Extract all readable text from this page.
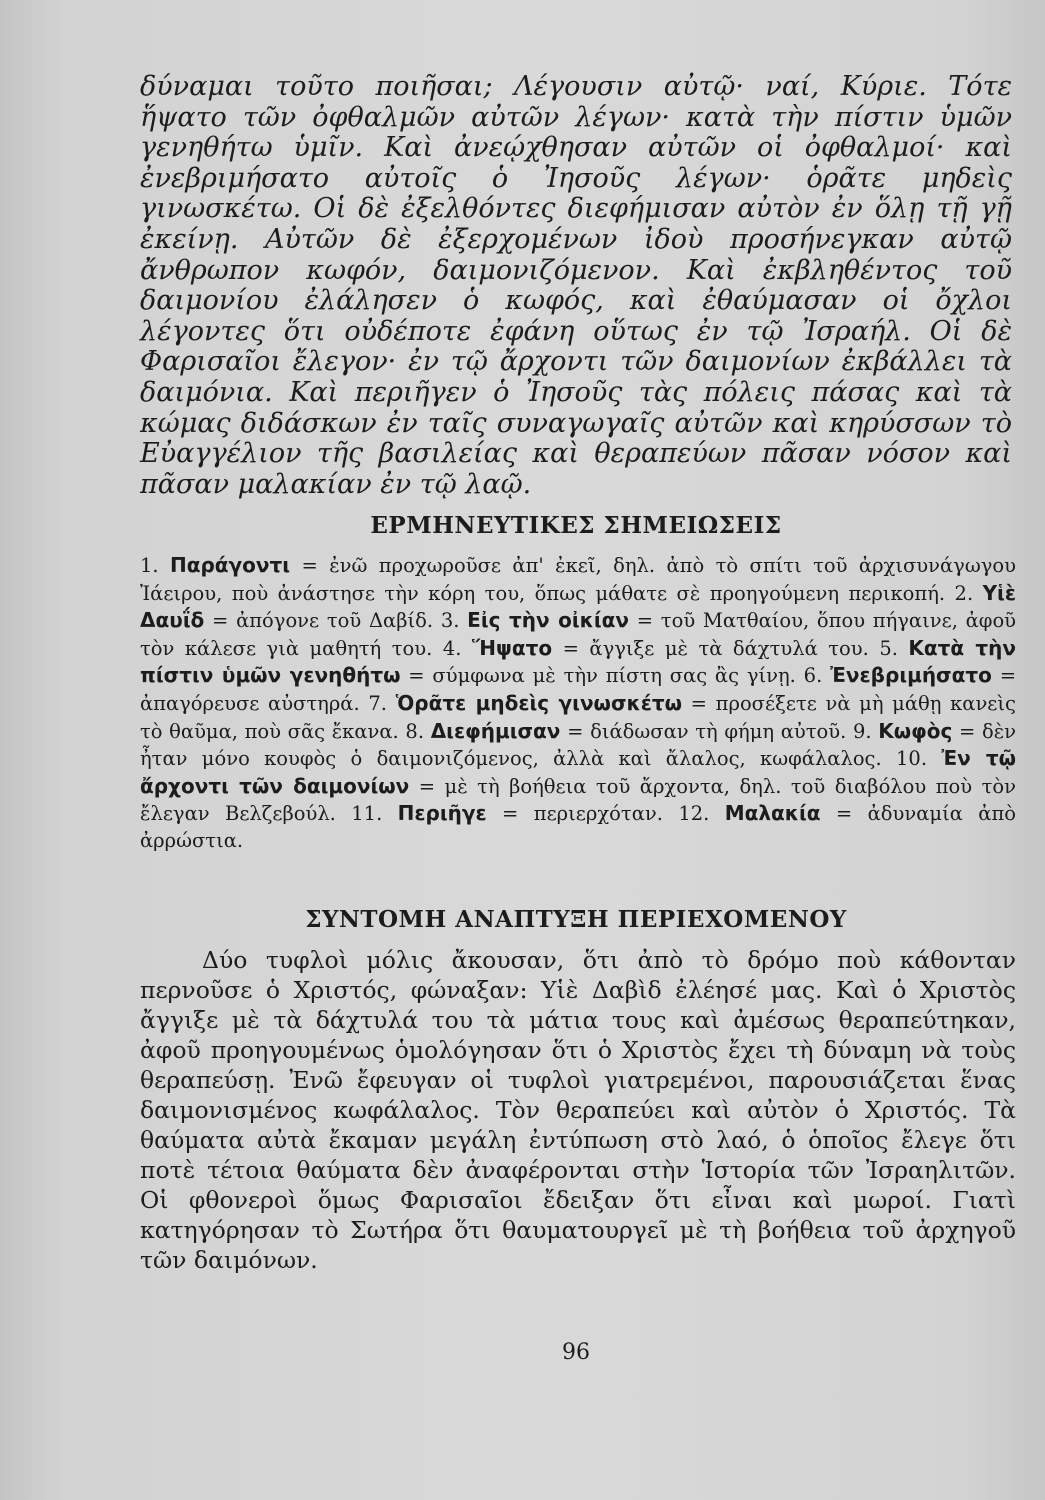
δύναμαι τοῦτο ποιῆσαι; Λέγουσιν αὐτῷ· ναί, Κύριε. Τότε ἥψατο τῶν ὀφθαλμῶν αὐτῶν λέγων· κατὰ τὴν πίστιν ὑμῶν γενηθήτω ὑμῖν. Καὶ ἀνεῴχθησαν αὐτῶν οἱ ὀφθαλμοί· καὶ ἐνεβριμήσατο αὐτοῖς ὁ Ἰησοῦς λέγων· ὁρᾶτε μηδεὶς γινωσκέτω. Οἱ δὲ ἐξελθόντες διεφήμισαν αὐτὸν ἐν ὅλῃ τῇ γῇ ἐκείνῃ. Αὐτῶν δὲ ἐξερχομένων ἰδοὺ προσήνεγκαν αὐτῷ ἄνθρωπον κωφόν, δαιμονιζόμενον. Καὶ ἐκβληθέντος τοῦ δαιμονίου ἐλάλησεν ὁ κωφός, καὶ ἐθαύμασαν οἱ ὄχλοι λέγοντες ὅτι οὐδέποτε ἐφάνη οὕτως ἐν τῷ Ἰσραήλ. Οἱ δὲ Φαρισαῖοι ἔλεγον· ἐν τῷ ἄρχοντι τῶν δαιμονίων ἐκβάλλει τὰ δαιμόνια. Καὶ περιῆγεν ὁ Ἰησοῦς τὰς πόλεις πάσας καὶ τὰ κώμας διδάσκων ἐν ταῖς συναγωγαῖς αὐτῶν καὶ κηρύσσων τὸ Εὐαγγέλιον τῆς βασιλείας καὶ θεραπεύων πᾶσαν νόσον καὶ πᾶσαν μαλακίαν ἐν τῷ λαῷ.

ΕΡΜΗΝΕΥΤΙΚΕΣ ΣΗΜΕΙΩΣΕΙΣ

1. Παράγοντι = ἐνῶ προχωροῦσε ἀπ' ἐκεῖ, δηλ. ἀπὸ τὸ σπίτι τοῦ ἀρχισυνάγωγου Ἰάειρου, ποὺ ἀνάστησε τὴν κόρη του, ὅπως μάθατε σὲ προηγούμενη περικοπή. 2. Υἱὲ Δαυΐδ = ἀπόγονε τοῦ Δαβίδ. 3. Εἰς τὴν οἰκίαν = τοῦ Ματθαίου, ὅπου πήγαινε, ἀφοῦ τὸν κάλεσε γιὰ μαθητή του. 4. Ἥψατο = ἄγγιξε μὲ τὰ δάχτυλά του. 5. Κατὰ τὴν πίστιν ὑμῶν γενηθήτω = σύμφωνα μὲ τὴν πίστη σας ἂς γίνῃ. 6. Ἐνεβριμήσατο = ἀπαγόρευσε αὐστηρά. 7. Ὁρᾶτε μηδεὶς γινωσκέτω = προσέξετε νὰ μὴ μάθῃ κανεὶς τὸ θαῦμα, ποὺ σᾶς ἔκανα. 8. Διεφήμισαν = διάδωσαν τὴ φήμη αὐτοῦ. 9. Κωφὸς = δὲν ἦταν μόνο κουφὸς ὁ δαιμονιζόμενος, ἀλλὰ καὶ ἄλαλος, κωφάλαλος. 10. Ἐν τῷ ἄρχοντι τῶν δαιμονίων = μὲ τὴ βοήθεια τοῦ ἄρχοντα, δηλ. τοῦ διαβόλου ποὺ τὸν ἔλεγαν Βελζεβούλ. 11. Περιῆγε = περιερχόταν. 12. Μαλακία = ἀδυναμία ἀπὸ ἀρρώστια.

ΣΥΝΤΟΜΗ ΑΝΑΠΤΥΞΗ ΠΕΡΙΕΧΟΜΕΝΟΥ

Δύο τυφλοὶ μόλις ἄκουσαν, ὅτι ἀπὸ τὸ δρόμο ποὺ κάθονταν περνοῦσε ὁ Χριστός, φώναξαν: Υἱὲ Δαβὶδ ἐλέησέ μας. Καὶ ὁ Χριστὸς ἄγγιξε μὲ τὰ δάχτυλά του τὰ μάτια τους καὶ ἀμέσως θεραπεύτηκαν, ἀφοῦ προηγουμένως ὁμολόγησαν ὅτι ὁ Χριστὸς ἔχει τὴ δύναμη νὰ τοὺς θεραπεύσῃ. Ἐνῶ ἔφευγαν οἱ τυφλοὶ γιατρεμένοι, παρουσιάζεται ἕνας δαιμονισμένος κωφάλαλος. Τὸν θεραπεύει καὶ αὐτὸν ὁ Χριστός. Τὰ θαύματα αὐτὰ ἔκαμαν μεγάλη ἐντύπωση στὸ λαό, ὁ ὁποῖος ἔλεγε ὅτι ποτὲ τέτοια θαύματα δὲν ἀναφέρονται στὴν Ἱστορία τῶν Ἰσραηλιτῶν. Οἱ φθονεροὶ ὅμως Φαρισαῖοι ἔδειξαν ὅτι εἶναι καὶ μωροί. Γιατὶ κατηγόρησαν τὸ Σωτήρα ὅτι θαυματουργεῖ μὲ τὴ βοήθεια τοῦ ἀρχηγοῦ τῶν δαιμόνων.

96
